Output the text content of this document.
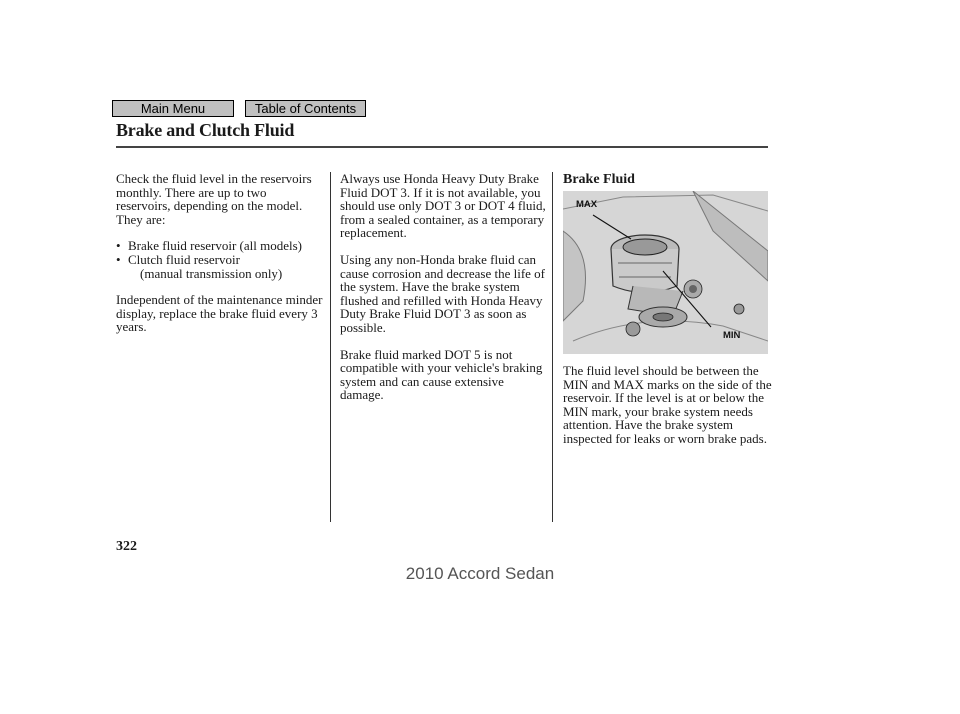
Main Menu	Table of Contents
Brake and Clutch Fluid

Check the fluid level in the reservoirs monthly. There are up to two reservoirs, depending on the model. They are:

• Brake fluid reservoir (all models)
• Clutch fluid reservoir
(manual transmission only)

Independent of the maintenance minder display, replace the brake fluid every 3 years.

Always use Honda Heavy Duty Brake Fluid DOT 3. If it is not available, you should use only DOT 3 or DOT 4 fluid, from a sealed container, as a temporary replacement.

Using any non-Honda brake fluid can cause corrosion and decrease the life of the system. Have the brake system flushed and refilled with Honda Heavy Duty Brake Fluid DOT 3 as soon as possible.

Brake fluid marked DOT 5 is not compatible with your vehicle's braking system and can cause extensive damage.

Brake Fluid
MAX
MIN

The fluid level should be between the MIN and MAX marks on the side of the reservoir. If the level is at or below the MIN mark, your brake system needs attention. Have the brake system inspected for leaks or worn brake pads.

322
2010 Accord Sedan
